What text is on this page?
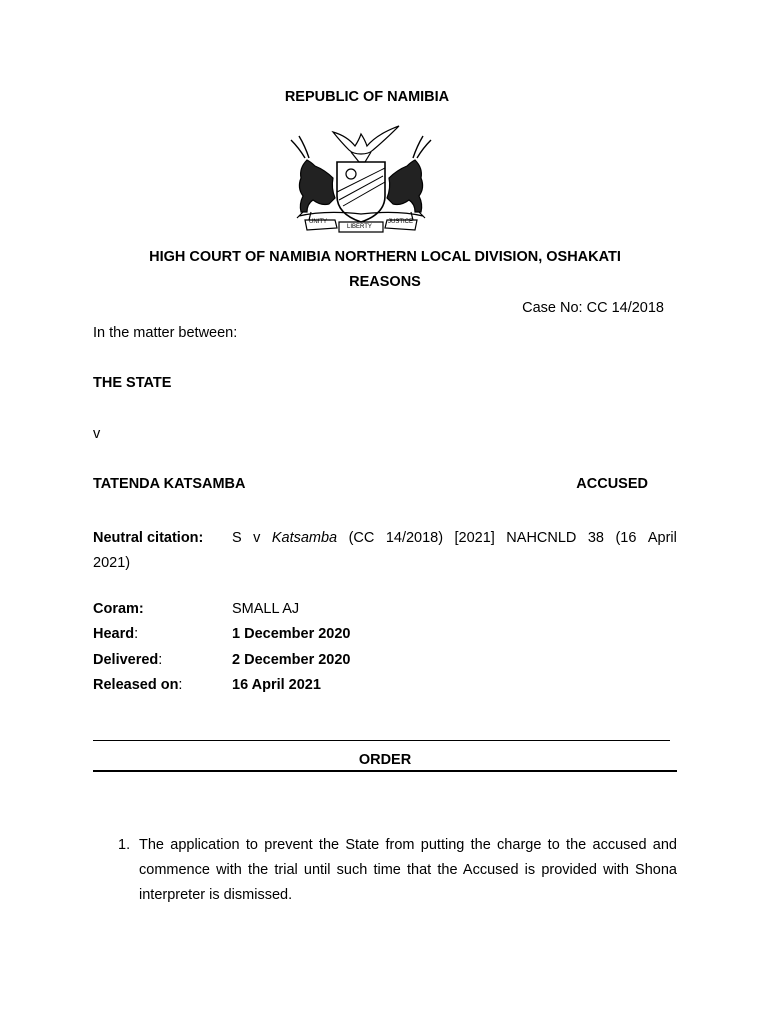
REPUBLIC OF NAMIBIA
UNITY
LIBERTY
JUSTICE
HIGH COURT OF NAMIBIA NORTHERN LOCAL DIVISION, OSHAKATI
REASONS
Case No: CC 14/2018
In the matter between:
THE STATE
v
TATENDA KATSAMBA	ACCUSED
Neutral citation:	S v Katsamba (CC 14/2018) [2021] NAHCNLD 38 (16 April
2021)
Coram:	SMALL AJ
Heard:	1 December 2020
Delivered:	2 December 2020
Released on:	16 April 2021
ORDER
1. The application to prevent the State from putting the charge to the accused and commence with the trial until such time that the Accused is provided with Shona interpreter is dismissed.
